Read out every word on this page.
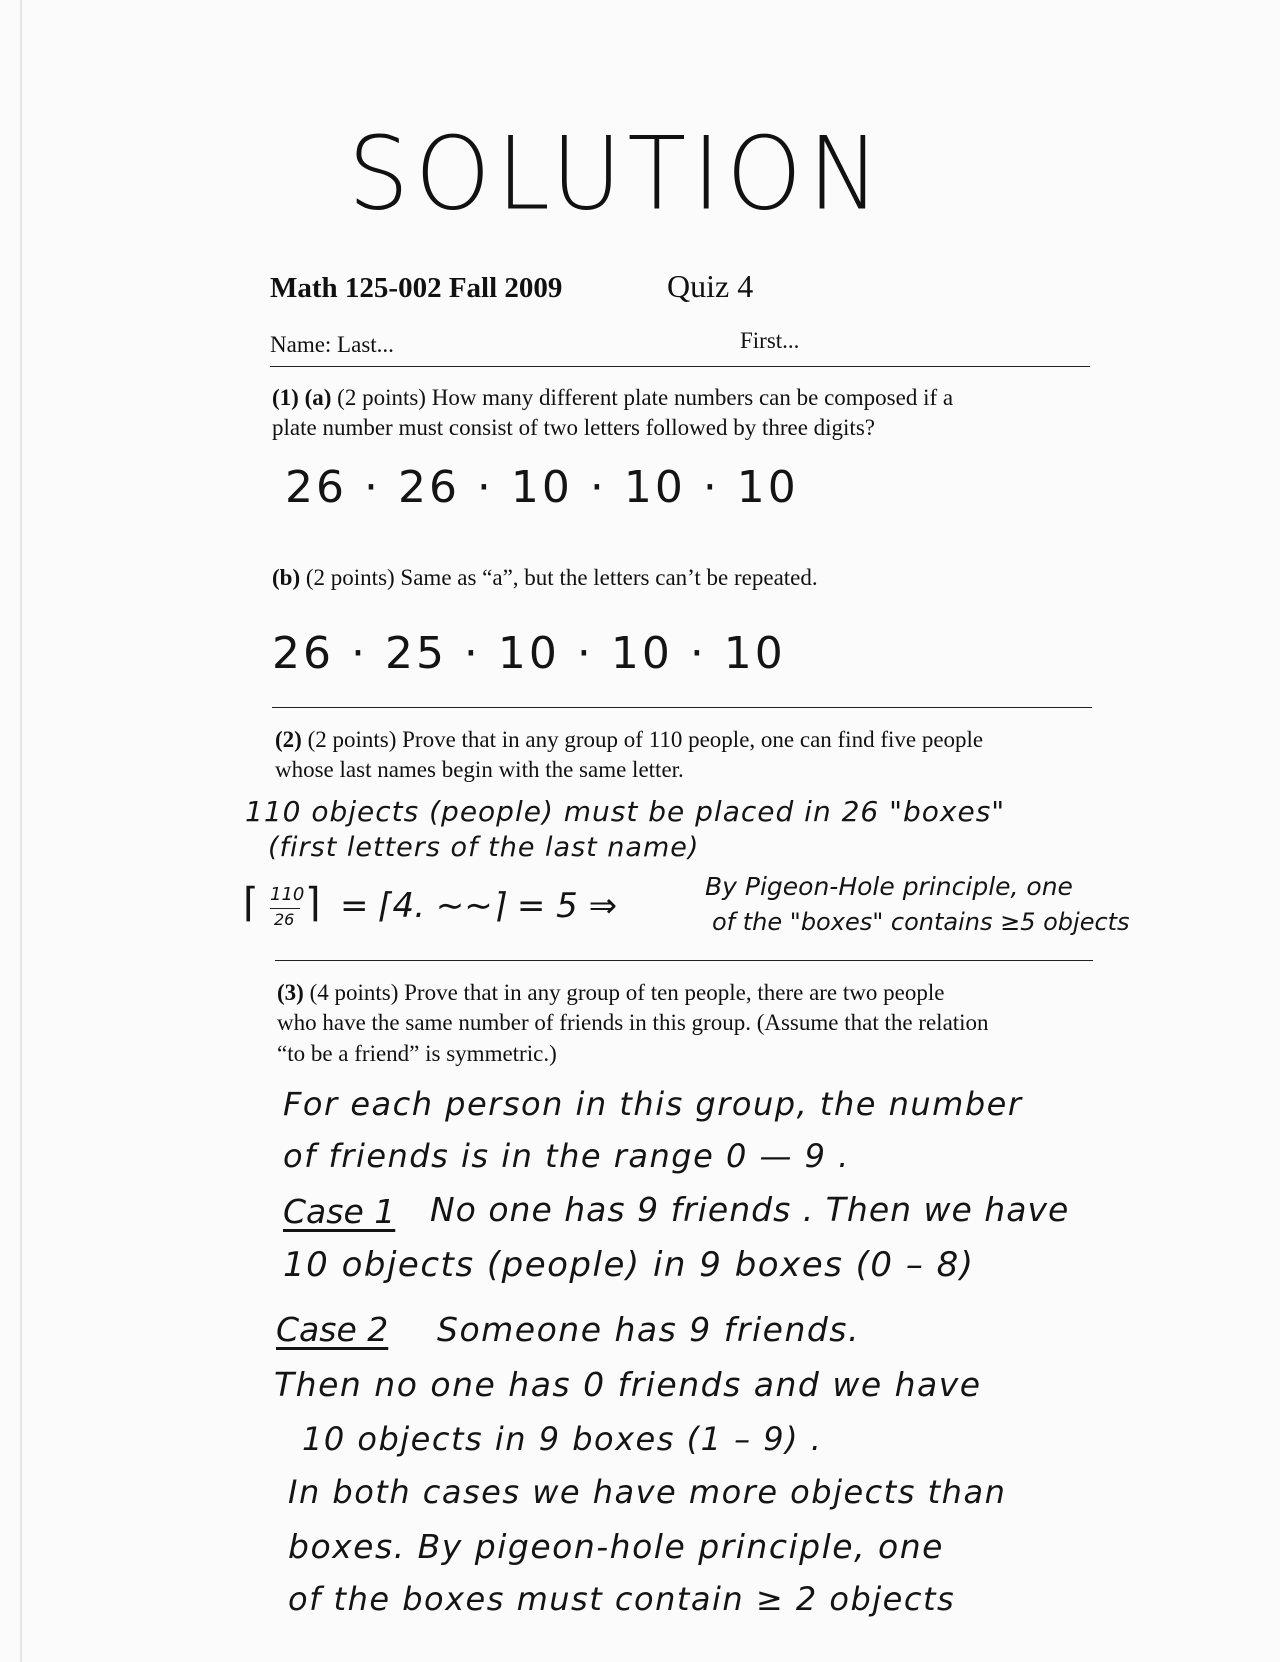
SOLUTION
Math 125-002 Fall 2009	Quiz 4
Name: Last...	First...
(1) (a) (2 points) How many different plate numbers can be composed if a
plate number must consist of two letters followed by three digits?
26 · 26 · 10 · 10 · 10
(b) (2 points) Same as “a”, but the letters can’t be repeated.
26 · 25 · 10 · 10 · 10
(2) (2 points) Prove that in any group of 110 people, one can find five people
whose last names begin with the same letter.
110 objects (people) must be placed in 26 "boxes"
(first letters of the last name)
⌈ 110
26 ⌉ = ⌈4. ∼∼⌉ = 5 ⇒	By Pigeon-Hole principle, one
of the "boxes" contains ≥5 objects
(3) (4 points) Prove that in any group of ten people, there are two people
who have the same number of friends in this group. (Assume that the relation
“to be a friend” is symmetric.)
For each person in this group, the number
of friends is in the range 0 — 9 .
Case 1 No one has 9 friends . Then we have
10 objects (people) in 9 boxes (0 – 8)
Case 2 Someone has 9 friends.
Then no one has 0 friends and we have
10 objects in 9 boxes (1 – 9) .
In both cases we have more objects than
boxes. By pigeon-hole principle, one
of the boxes must contain ≥ 2 objects
